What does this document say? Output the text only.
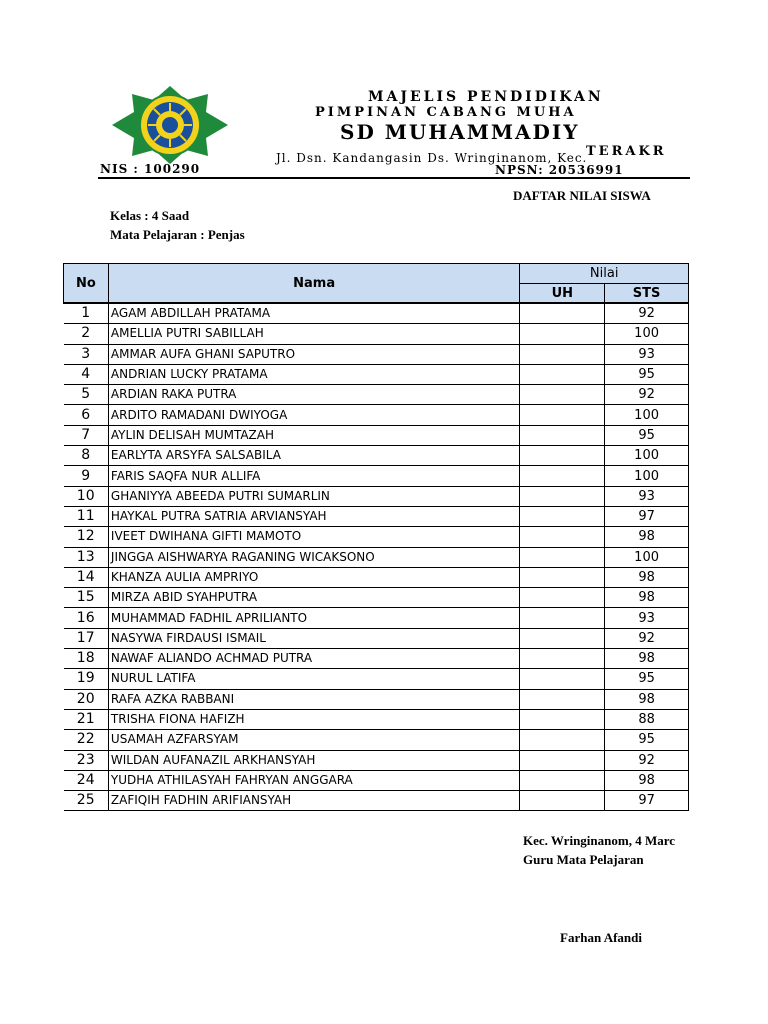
NIS : 100290
MAJELIS PENDIDIKAN
PIMPINAN CABANG MUHA
SD MUHAMMADIY
TERAKR
Jl. Dsn. Kandangasin Ds. Wringinanom, Kec.
NPSN: 20536991
DAFTAR NILAI SISWA
Kelas : 4 Saad
Mata Pelajaran : Penjas
No	Nama	Nilai	
		UH	STS
1	AGAM ABDILLAH PRATAMA		92
2	AMELLIA PUTRI SABILLAH		100
3	AMMAR AUFA GHANI SAPUTRO		93
4	ANDRIAN LUCKY PRATAMA		95
5	ARDIAN RAKA PUTRA		92
6	ARDITO RAMADANI DWIYOGA		100
7	AYLIN DELISAH MUMTAZAH		95
8	EARLYTA ARSYFA SALSABILA		100
9	FARIS SAQFA NUR ALLIFA		100
10	GHANIYYA ABEEDA PUTRI SUMARLIN		93
11	HAYKAL PUTRA SATRIA ARVIANSYAH		97
12	IVEET DWIHANA GIFTI MAMOTO		98
13	JINGGA AISHWARYA RAGANING WICAKSONO		100
14	KHANZA AULIA AMPRIYO		98
15	MIRZA ABID SYAHPUTRA		98
16	MUHAMMAD FADHIL APRILIANTO		93
17	NASYWA FIRDAUSI ISMAIL		92
18	NAWAF ALIANDO ACHMAD PUTRA		98
19	NURUL LATIFA		95
20	RAFA AZKA RABBANI		98
21	TRISHA FIONA HAFIZH		88
22	USAMAH AZFARSYAM		95
23	WILDAN AUFANAZIL ARKHANSYAH		92
24	YUDHA ATHILASYAH FAHRYAN ANGGARA		98
25	ZAFIQIH FADHIN ARIFIANSYAH		97
Kec. Wringinanom, 4 Marc
Guru Mata Pelajaran
Farhan Afandi
